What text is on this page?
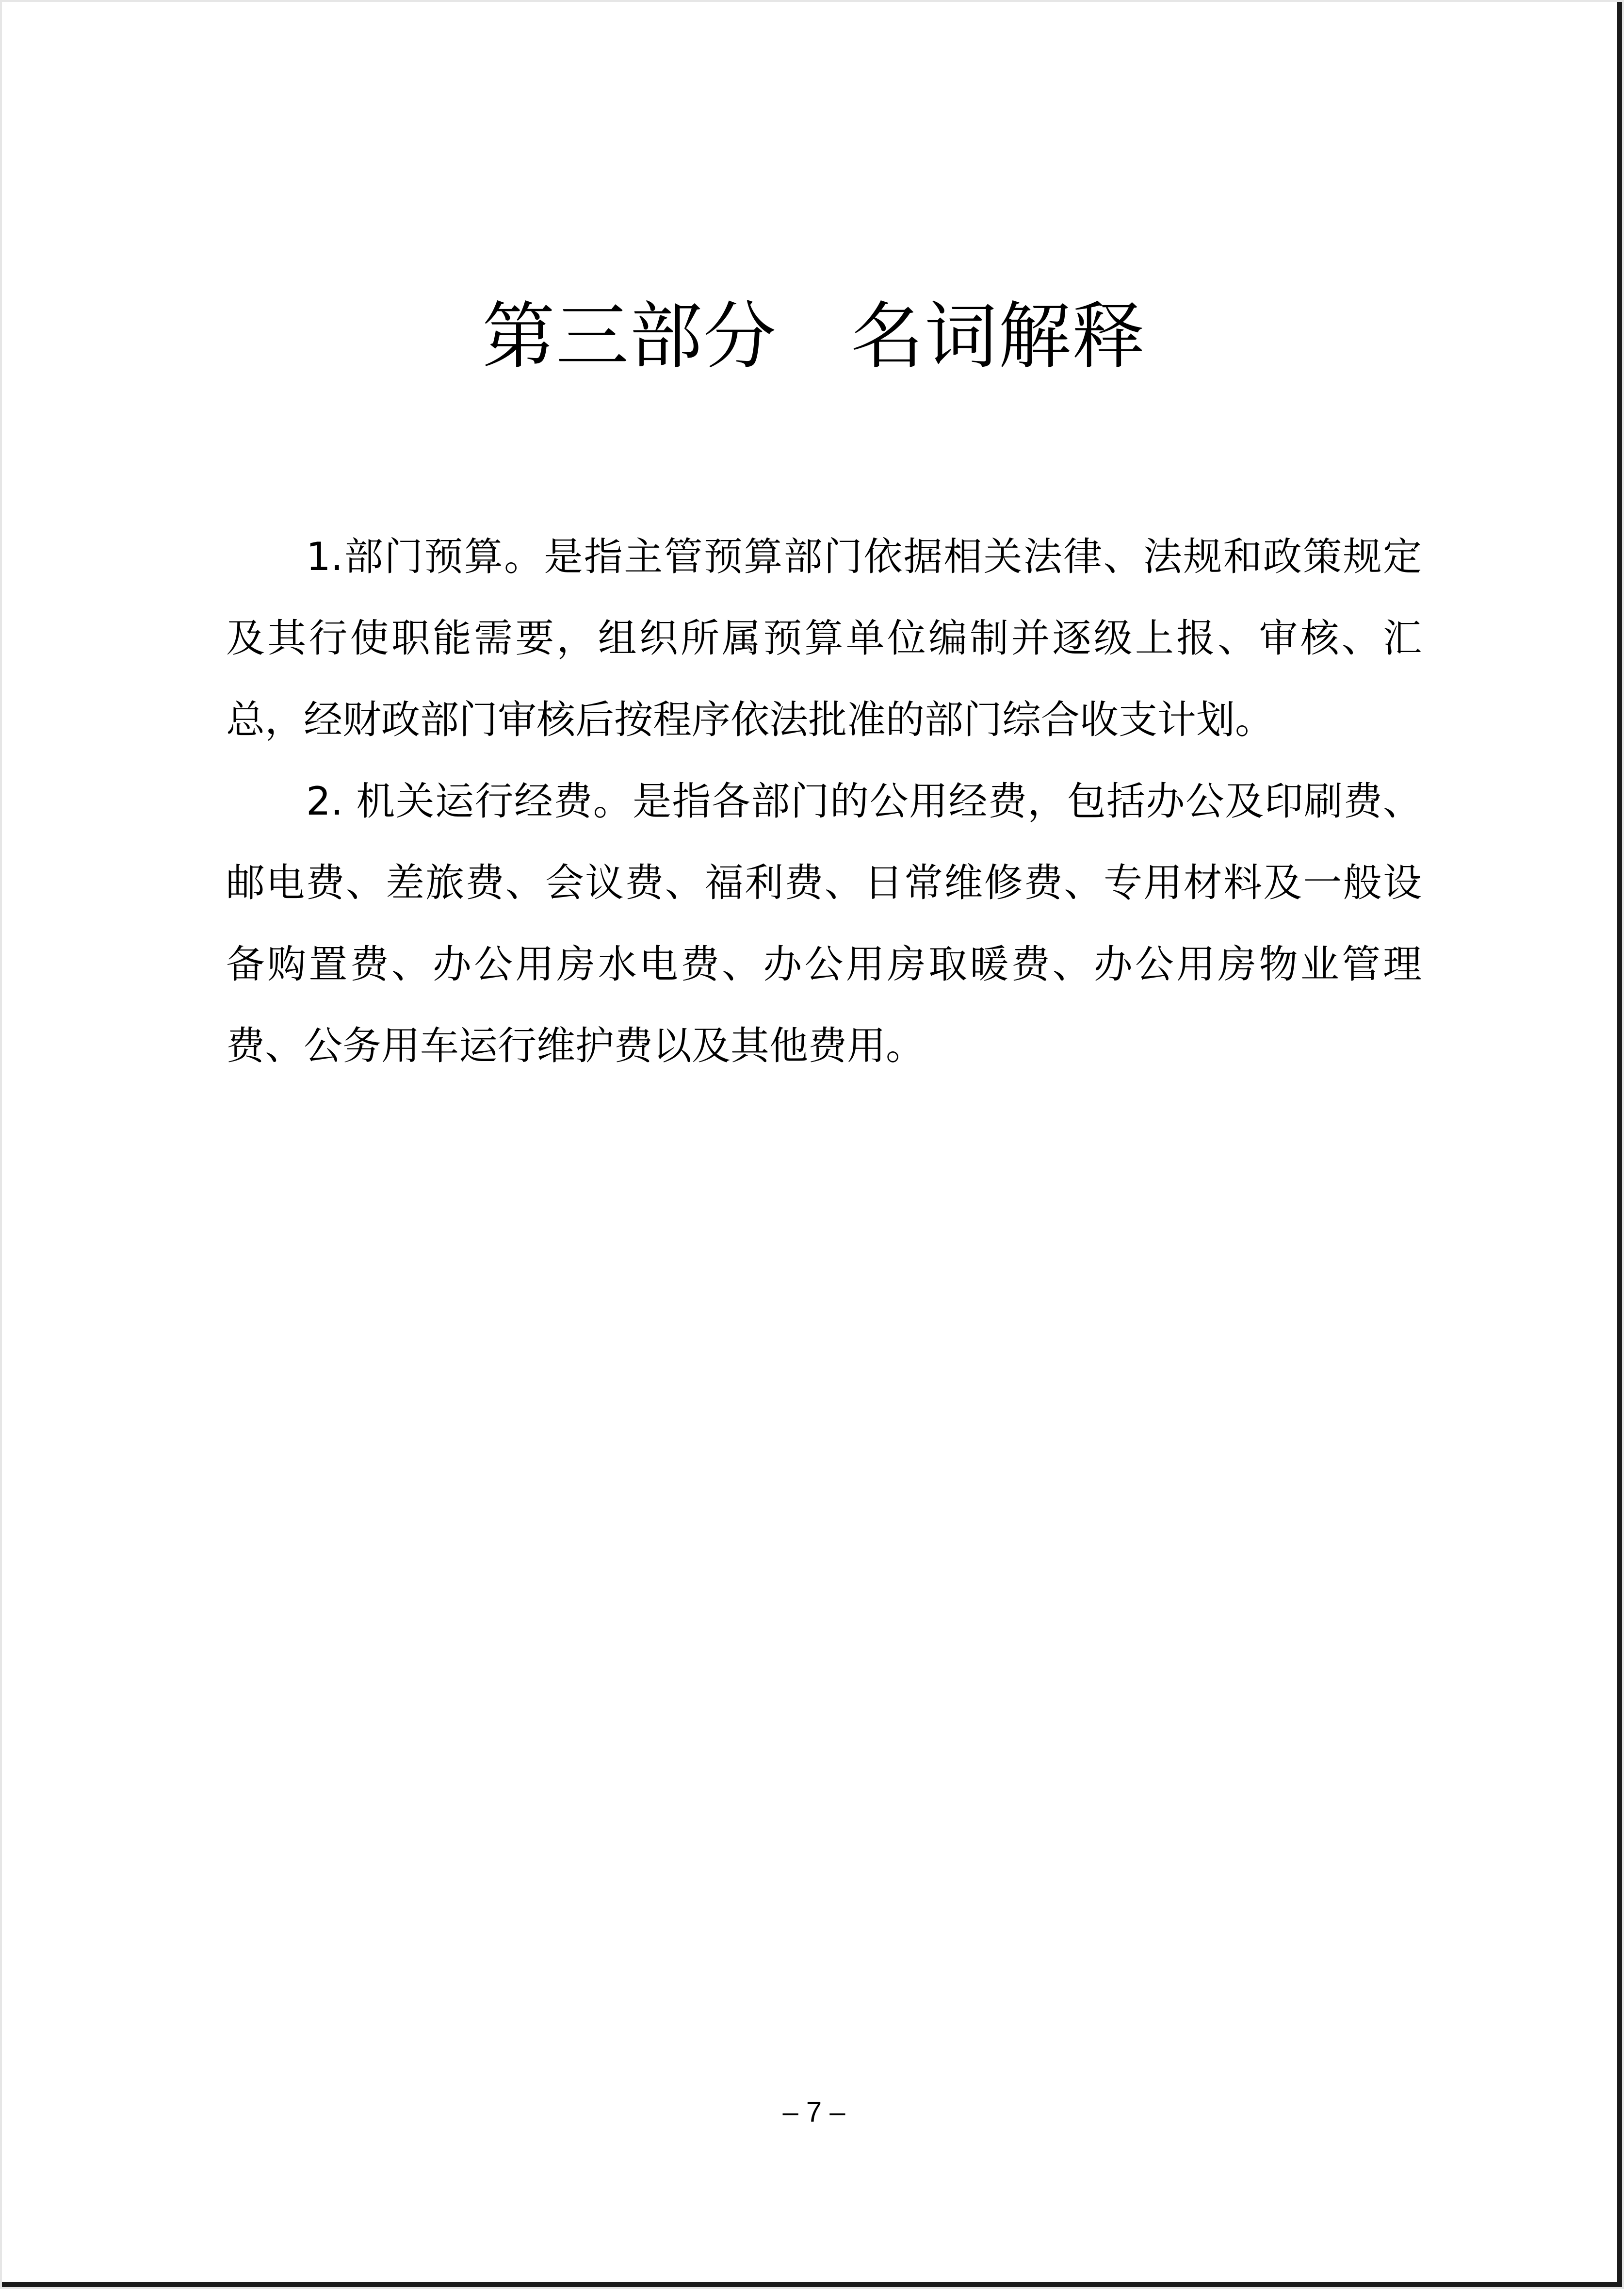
第三部分　名词解释

1.部门预算。是指主管预算部门依据相关法律、法规和政策规定及其行使职能需要，组织所属预算单位编制并逐级上报、审核、汇总，经财政部门审核后按程序依法批准的部门综合收支计划。

2. 机关运行经费。是指各部门的公用经费，包括办公及印刷费、邮电费、差旅费、会议费、福利费、日常维修费、专用材料及一般设备购置费、办公用房水电费、办公用房取暖费、办公用房物业管理费、公务用车运行维护费以及其他费用。

– 7 –
